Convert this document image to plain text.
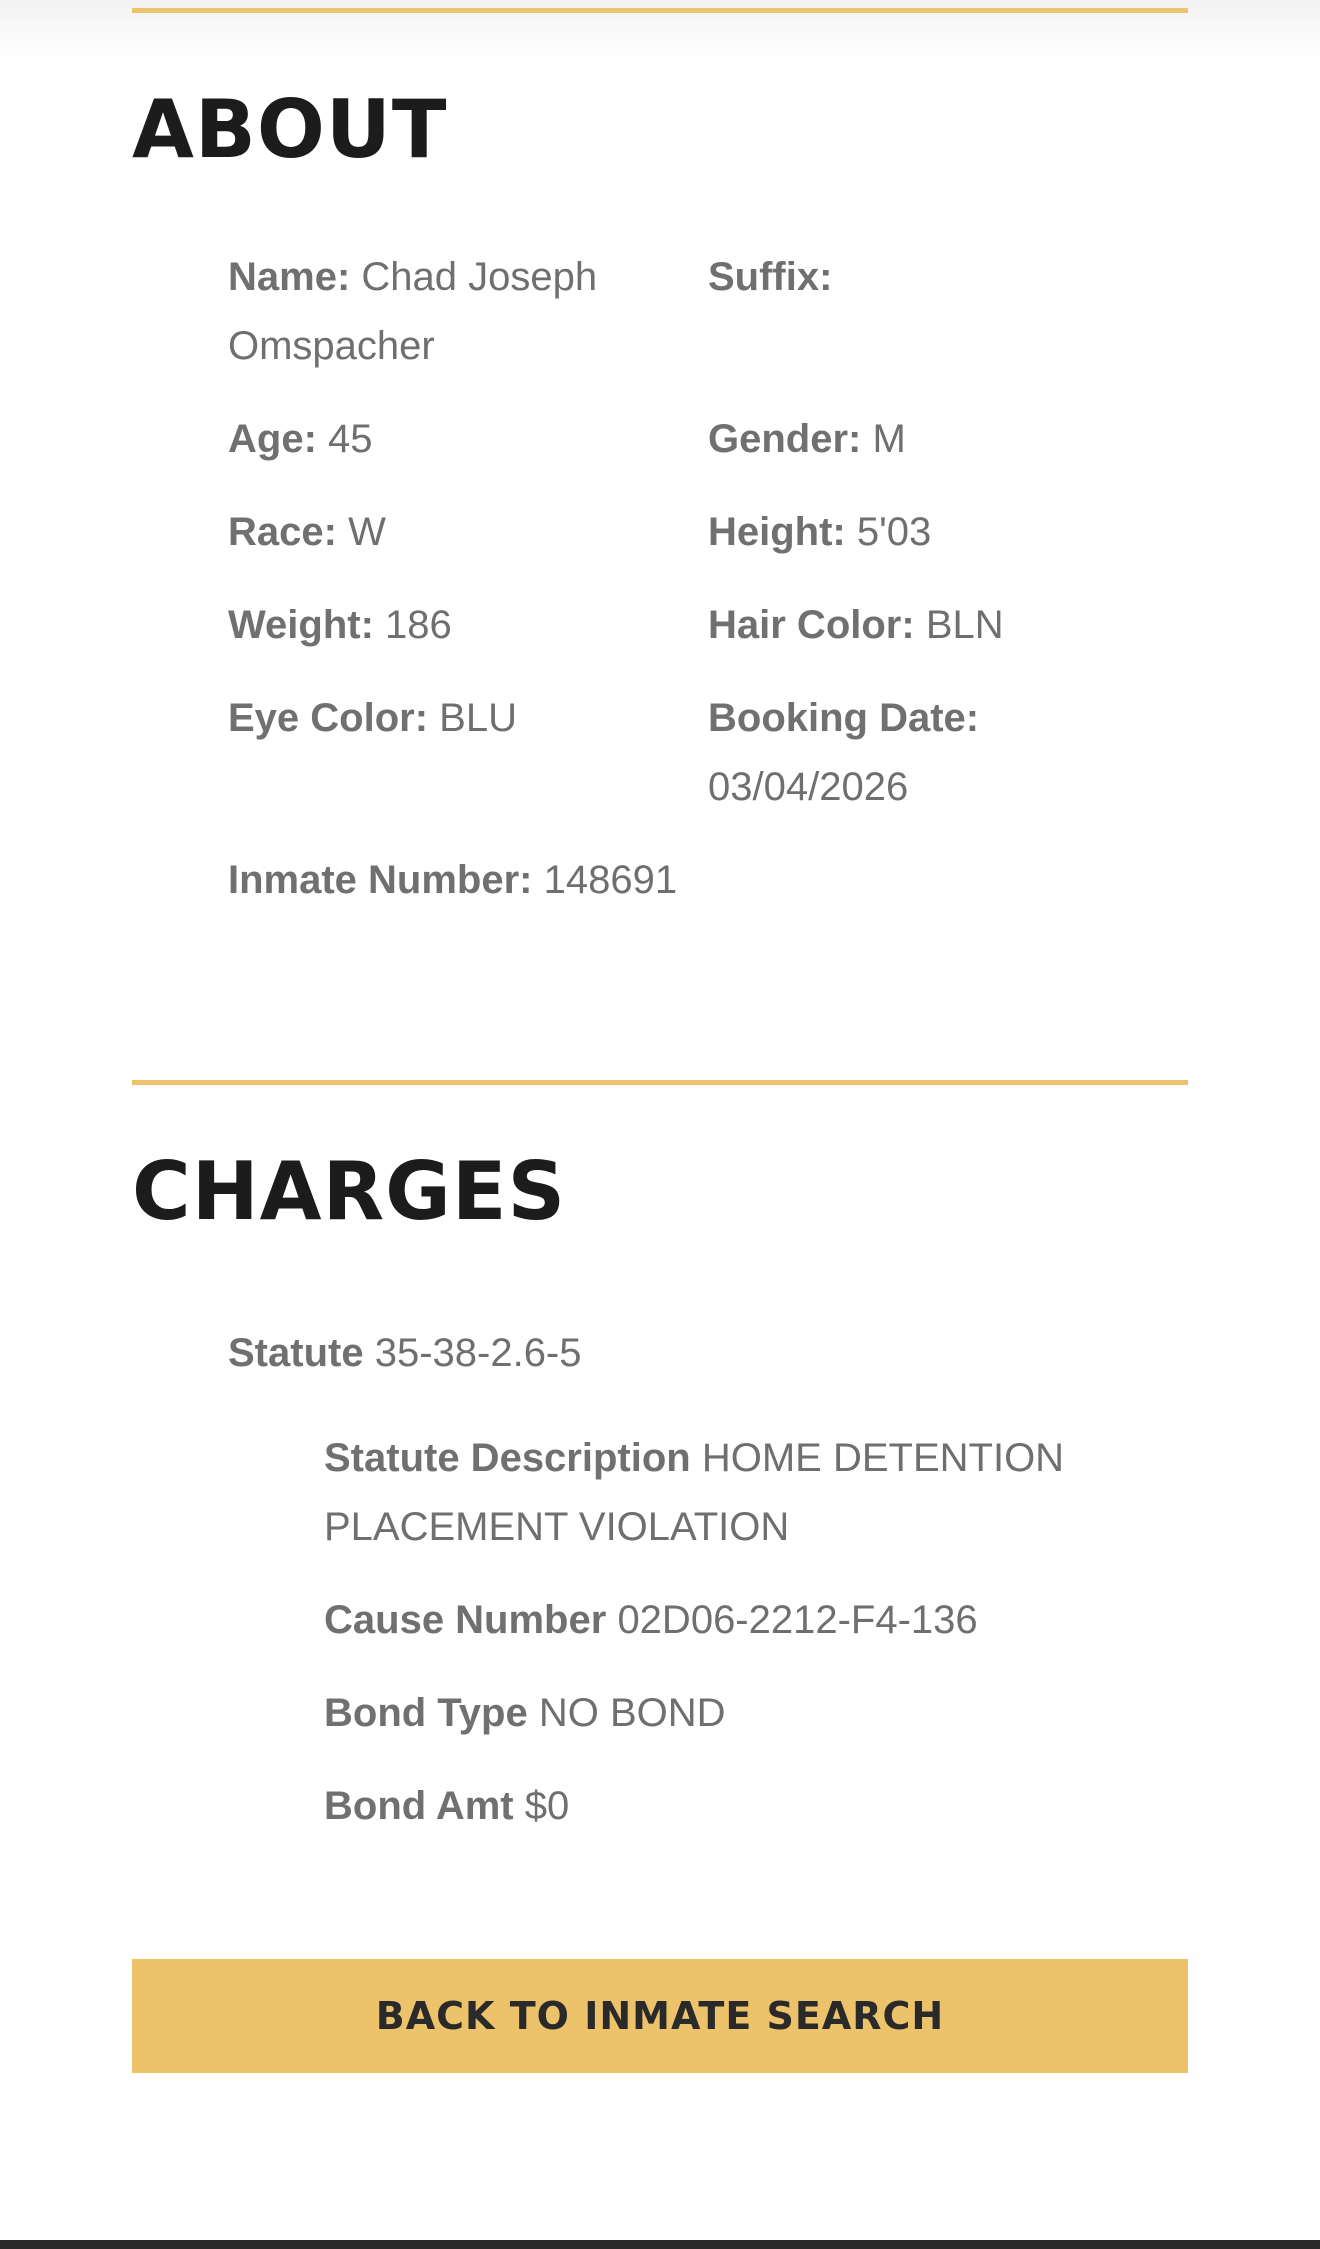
ABOUT
Name: Chad Joseph Omspacher
Suffix:
Age: 45	Gender: M
Race: W	Height: 5'03
Weight: 186	Hair Color: BLN
Eye Color: BLU	Booking Date: 03/04/2026
Inmate Number: 148691
CHARGES
Statute 35-38-2.6-5
Statute Description HOME DETENTION PLACEMENT VIOLATION
Cause Number 02D06-2212-F4-136
Bond Type NO BOND
Bond Amt $0
BACK TO INMATE SEARCH
